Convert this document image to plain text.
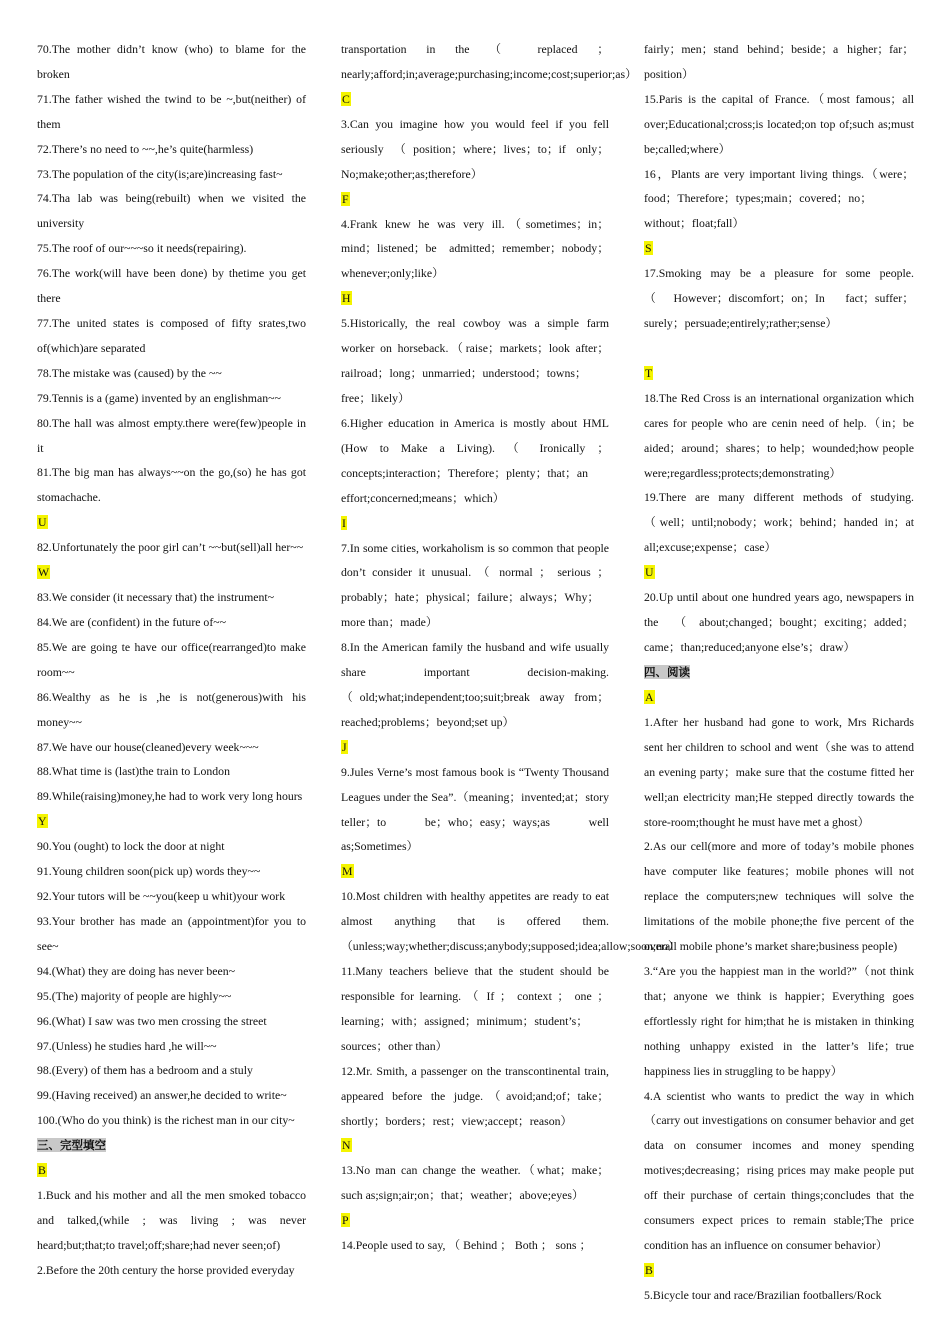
70.The mother didn’t know (who) to blame for the broken
71.The father wished the twind to be ~,but(neither) of them
72.There’s no need to ~~,he’s quite(harmless)
73.The population of the city(is;are)increasing fast~
74.Tha lab was being(rebuilt) when we visited the university
75.The roof of our~~~so it needs(repairing).
76.The work(will have been done) by thetime you get there
77.The united states is composed of fifty srates,two of(which)are separated
78.The mistake was (caused) by the ~~
79.Tennis is a (game) invented by an englishman~~
80.The hall was almost empty.there were(few)people in it
81.The big man has always~~on the go,(so) he has got stomachache.
U
82.Unfortunately the poor girl can’t ~~but(sell)all her~~
W
83.We consider (it necessary that) the instrument~
84.We are (confident) in the future of~~
85.We are going te have our office(rearranged)to make room~~
86.Wealthy as he is ,he is not(generous)with his money~~
87.We have our house(cleaned)every week~~~
88.What time is (last)the train to London
89.While(raising)money,he had to work very long hours
Y
90.You (ought) to lock the door at night
91.Young children soon(pick up) words they~~
92.Your tutors will be ~~you(keep u whit)your work
93.Your brother has made an (appointment)for you to see~
94.(What) they are doing has never been~
95.(The) majority of people are highly~~
96.(What) I saw was two men crossing the street
97.(Unless) he studies hard ,he will~~
98.(Every) of them has a bedroom and a stuly
99.(Having received) an answer,he decided to write~
100.(Who do you think) is the richest man in our city~
三、完型填空
B
1.Buck and his mother and all the men smoked tobacco and talked,(while ; was living ; was never heard;but;that;to travel;off;share;had never seen;of)
2.Before the 20th century the horse provided everyday
transportation in the （ replaced ； nearly;afford;in;average;purchasing;income;cost;superior;as）
C
3.Can you imagine how you would feel if you fell seriously （position；where；lives；to；if only；No;make;other;as;therefore）
F
4.Frank knew he was very ill.（sometimes；in；mind；listened；be admitted；remember；nobody；whenever;only;like）
H
5.Historically, the real cowboy was a simple farm worker on horseback.（raise；markets；look after；railroad；long；unmarried；understood；towns；free；likely）
6.Higher education in America is mostly about HML (How to Make a Living). （ Ironically ； concepts;interaction；Therefore；plenty；that；an effort;concerned;means；which）
I
7.In some cities, workaholism is so common that people don’t consider it unusual. （ normal ； serious ； probably；hate；physical；failure；always；Why；more than；made）
8.In the American family the husband and wife usually share important decision-making. （old;what;independent;too;suit;break away from；reached;problems；beyond;set up）
J
9.Jules Verne’s most famous book is “Twenty Thousand Leagues under the Sea”.（meaning；invented;at；story teller；to be；who；easy；ways;as well as;Sometimes）
M
10.Most children with healthy appetites are ready to eat almost anything that is offered them.（unless;way;whether;discuss;anybody;supposed;idea;allow;soon;no）
11.Many teachers believe that the student should be responsible for learning. （ If ； context ； one ； learning；with；assigned；minimum；student’s；sources；other than）
12.Mr. Smith, a passenger on the transcontinental train, appeared before the judge.（avoid;and;of；take；shortly；borders；rest；view;accept；reason）
N
13.No man can change the weather.（what；make；such as;sign;air;on；that；weather；above;eyes）
P
14.People used to say, （ Behind ； Both ； sons ；
fairly；men；stand behind；beside；a higher；far；position）
15.Paris is the capital of France.（most famous；all over;Educational;cross;is located;on top of;such as;must be;called;where）
16，Plants are very important living things.（were；food；Therefore；types;main；covered；no；without；float;fall）
S
17.Smoking may be a pleasure for some people. （However；discomfort；on；In fact；suffer；surely；persuade;entirely;rather;sense）
T
18.The Red Cross is an international organization which cares for people who are cenin need of help.（in；be aided；around；shares；to help；wounded;how people were;regardless;protects;demonstrating）
19.There are many different methods of studying.（well；until;nobody；work；behind；handed in；at all;excuse;expense；case）
U
20.Up until about one hundred years ago, newspapers in the （about;changed；bought；exciting；added；came；than;reduced;anyone else’s；draw）
四、阅读
A
1.After her husband had gone to work, Mrs Richards sent her children to school and went（she was to attend an evening party；make sure that the costume fitted her well;an electricity man;He stepped directly towards the store-room;thought he must have met a ghost）
2.As our cell(more and more of today’s mobile phones have computer like features；mobile phones will not replace the computers;new techniques will solve the limitations of the mobile phone;the five percent of the overall mobile phone’s market share;business people)
3.“Are you the happiest man in the world?”（not think that；anyone we think is happier；Everything goes effortlessly right for him;that he is mistaken in thinking nothing unhappy existed in the latter’s life；true happiness lies in struggling to be happy）
4.A scientist who wants to predict the way in which（carry out investigations on consumer behavior and get data on consumer incomes and money spending motives;decreasing；rising prices may make people put off their purchase of certain things;concludes that the consumers expect prices to remain stable;The price condition has an influence on consumer behavior）
B
5.Bicycle tour and race/Brazilian footballers/Rock
